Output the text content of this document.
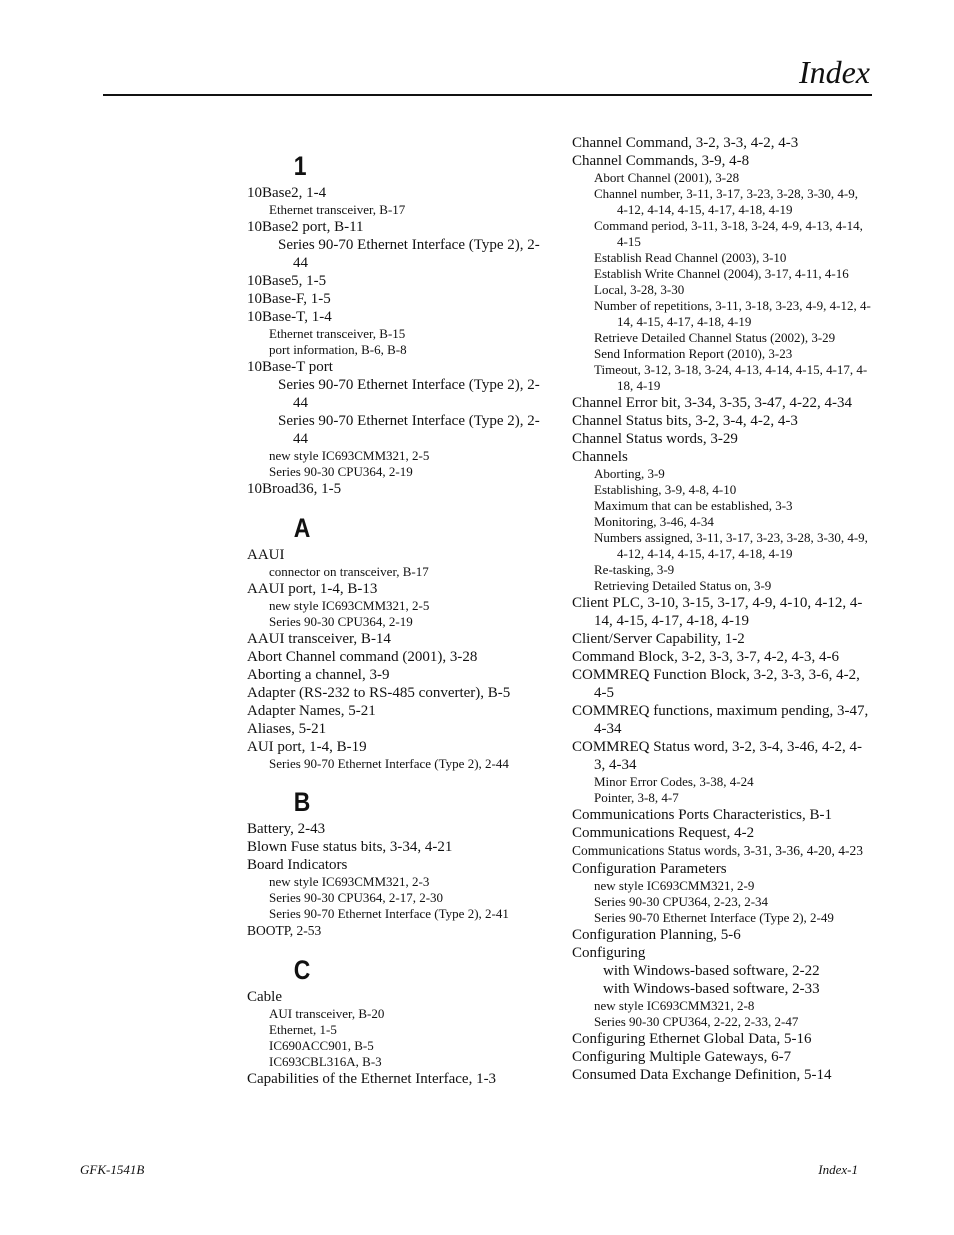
Index
1
10Base2, 1-4
Ethernet transceiver, B-17
10Base2 port, B-11
Series 90-70 Ethernet Interface (Type 2), 2-44
10Base5, 1-5
10Base-F, 1-5
10Base-T, 1-4
Ethernet transceiver, B-15
port information, B-6, B-8
10Base-T port
Series 90-70 Ethernet Interface (Type 2), 2-44
Series 90-70 Ethernet Interface (Type 2), 2-44
new style IC693CMM321, 2-5
Series 90-30 CPU364, 2-19
10Broad36, 1-5
A
AAUI
connector on transceiver, B-17
AAUI port, 1-4, B-13
new style IC693CMM321, 2-5
Series 90-30 CPU364, 2-19
AAUI transceiver, B-14
Abort Channel command (2001), 3-28
Aborting a channel, 3-9
Adapter (RS-232 to RS-485 converter), B-5
Adapter Names, 5-21
Aliases, 5-21
AUI port, 1-4, B-19
Series 90-70 Ethernet Interface (Type 2), 2-44
B
Battery, 2-43
Blown Fuse status bits, 3-34, 4-21
Board Indicators
new style IC693CMM321, 2-3
Series 90-30 CPU364, 2-17, 2-30
Series 90-70 Ethernet Interface (Type 2), 2-41
BOOTP, 2-53
C
Cable
AUI transceiver, B-20
Ethernet, 1-5
IC690ACC901, B-5
IC693CBL316A, B-3
Capabilities of the Ethernet Interface, 1-3
Channel Command, 3-2, 3-3, 4-2, 4-3
Channel Commands, 3-9, 4-8
Abort Channel (2001), 3-28
Channel number, 3-11, 3-17, 3-23, 3-28, 3-30, 4-9, 4-12, 4-14, 4-15, 4-17, 4-18, 4-19
Command period, 3-11, 3-18, 3-24, 4-9, 4-13, 4-14, 4-15
Establish Read Channel (2003), 3-10
Establish Write Channel (2004), 3-17, 4-11, 4-16
Local, 3-28, 3-30
Number of repetitions, 3-11, 3-18, 3-23, 4-9, 4-12, 4-14, 4-15, 4-17, 4-18, 4-19
Retrieve Detailed Channel Status (2002), 3-29
Send Information Report (2010), 3-23
Timeout, 3-12, 3-18, 3-24, 4-13, 4-14, 4-15, 4-17, 4-18, 4-19
Channel Error bit, 3-34, 3-35, 3-47, 4-22, 4-34
Channel Status bits, 3-2, 3-4, 4-2, 4-3
Channel Status words, 3-29
Channels
Aborting, 3-9
Establishing, 3-9, 4-8, 4-10
Maximum that can be established, 3-3
Monitoring, 3-46, 4-34
Numbers assigned, 3-11, 3-17, 3-23, 3-28, 3-30, 4-9, 4-12, 4-14, 4-15, 4-17, 4-18, 4-19
Re-tasking, 3-9
Retrieving Detailed Status on, 3-9
Client PLC, 3-10, 3-15, 3-17, 4-9, 4-10, 4-12, 4-14, 4-15, 4-17, 4-18, 4-19
Client/Server Capability, 1-2
Command Block, 3-2, 3-3, 3-7, 4-2, 4-3, 4-6
COMMREQ Function Block, 3-2, 3-3, 3-6, 4-2, 4-5
COMMREQ functions, maximum pending, 3-47, 4-34
COMMREQ Status word, 3-2, 3-4, 3-46, 4-2, 4-3, 4-34
Minor Error Codes, 3-38, 4-24
Pointer, 3-8, 4-7
Communications Ports Characteristics, B-1
Communications Request, 4-2
Communications Status words, 3-31, 3-36, 4-20, 4-23
Configuration Parameters
new style IC693CMM321, 2-9
Series 90-30 CPU364, 2-23, 2-34
Series 90-70 Ethernet Interface (Type 2), 2-49
Configuration Planning, 5-6
Configuring
with Windows-based software, 2-22
with Windows-based software, 2-33
new style IC693CMM321, 2-8
Series 90-30 CPU364, 2-22, 2-33, 2-47
Configuring Ethernet Global Data, 5-16
Configuring Multiple Gateways, 6-7
Consumed Data Exchange Definition, 5-14
GFK-1541B	Index-1
